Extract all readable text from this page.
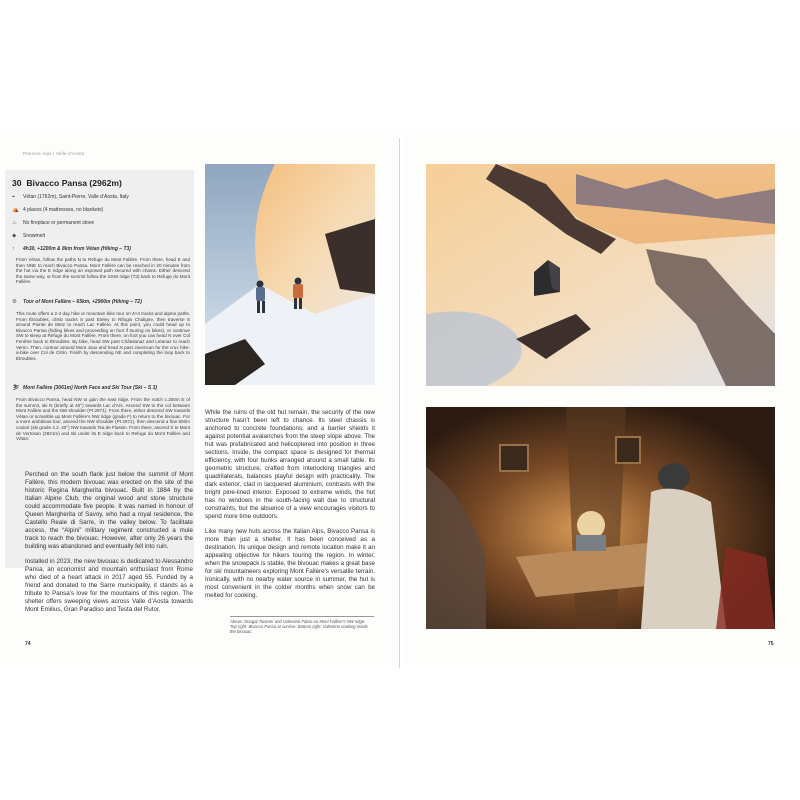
Pennine Alps / Valle d’Aosta
30 Bivacco Pansa (2962m)
⌖ Vétan (1762m), Saint-Pierre, Valle d’Aosta, Italy
⛺ 4 places (4 mattresses, no blankets)
♨ No fireplace or permanent stove
◆ Snowmelt
↑ 4h30, +1200m & 8km from Vétan (Hiking – T3)
From Vétan, follow the paths N to Refuge du Mont Fallère. From there, head E and then NNE to reach Bivacco Pansa. Mont Fallère can be reached in 20 minutes from the hut via the E ridge along an exposed path secured with chains. Either descend the same way, or from the summit follow the SSW ridge (T3) back to Refuge du Mont Fallère.
⚙ Tour of Mont Fallère – 65km, +2900m (Hiking – T2)
This route offers a 2-4 day hike or mountain bike tour on 4×4 tracks and alpine paths. From Étroubles, climb tracks S past Eteley to Rifugio Chaligne, then traverse S around Pointe de Metz to reach Lac Fallère. At this point, you could head up to Bivacco Pansa (hiding bikes and proceeding on foot if touring on bikes), or continue SW to sleep at Refuge du Mont Fallère. From there, on foot you can head N over Col Fenêtre back to Étroubles. By bike, head SW past Châtelanaz and Letanaz to reach Verso. Then, contour around Mont Joux and head N past Jovencan for the crux hike-a-bike over Col de Citrin. Finish by descending NE and completing the loop back to Étroubles.
⛷ Mont Fallère (3061m) North Face and Ski Tour (Ski – S 3)
From Bivacco Pansa, head NW to gain the east ridge. From the notch c.200m E of the summit, ski N (briefly at 40°) towards Lac d’Ars. Ascend SW to the col between Mont Fallère and the NW shoulder (Pt 2971). From there, either descend SW towards Vétan or scramble up Mont Fallère’s NW ridge (grade F) to return to the bivouac. For a more ambitious tour, ascend the NW shoulder (Pt 2971), then descend a fine 500m couloir (ski grade 4.2, 40°) NW towards Tsa de Flassin. From there, ascend S to Mont de Vertosan (2821m) and ski under its E ridge back to Refuge du Mont Fallère and Vétan.

Perched on the south flank just below the summit of Mont Fallère, this modern bivouac was erected on the site of the historic Regina Margherita bivouac. Built in 1884 by the Italian Alpine Club, the original wood and stone structure could accommodate five people. It was named in honour of Queen Margherita of Savoy, who had a royal residence, the Castello Reale di Sarre, in the valley below. To facilitate access, the “Alpini” military regiment constructed a mule track to reach the bivouac. However, after only 26 years the building was abandoned and eventually fell into ruin.

Installed in 2023, the new bivouac is dedicated to Alessandro Pansa, an economist and mountain enthusiast from Rome who died of a heart attack in 2017 aged 55. Funded by a friend and donated to the Sarre municipality, it stands as a tribute to Pansa’s love for the mountains of this region. The shelter offers sweeping views across Valle d’Aosta towards Mont Emilius, Gran Paradiso and Testa del Rutor.

While the ruins of the old hut remain, the security of the new structure hasn’t been left to chance. Its steel chassis is anchored to concrete foundations, and a barrier shields it against potential avalanches from the steep slope above. The hut was prefabricated and helicoptered into position in three sections. Inside, the compact space is designed for thermal efficiency, with four bunks arranged around a small table. Its geometric structure, crafted from interlocking triangles and quadrilaterals, balances playful design with practicality. The dark exterior, clad in lacquered aluminium, contrasts with the bright pine-lined interior. Exposed to extreme winds, the hut has no windows in the south-facing wall due to structural constraints, but the absence of a view encourages visitors to spend more time outdoors.

Like many new huts across the Italian Alps, Bivacco Pansa is more than just a shelter. It has been conceived as a destination. Its unique design and remote location make it an appealing objective for hikers touring the region. In winter, when the snowpack is stable, the bivouac makes a great base for ski mountaineers exploring Mont Fallère’s versatile terrain. Ironically, with no nearby water source in summer, the hut is most convenient in the colder months when snow can be melted for cooking.

Above: Dougal Tavener and Valentino Fabro on Mont Fallère’s NW ridge.
Top right: Bivacco Pansa at sunrise. Bottom right: Valentino cooking inside the bivouac.
74	75
